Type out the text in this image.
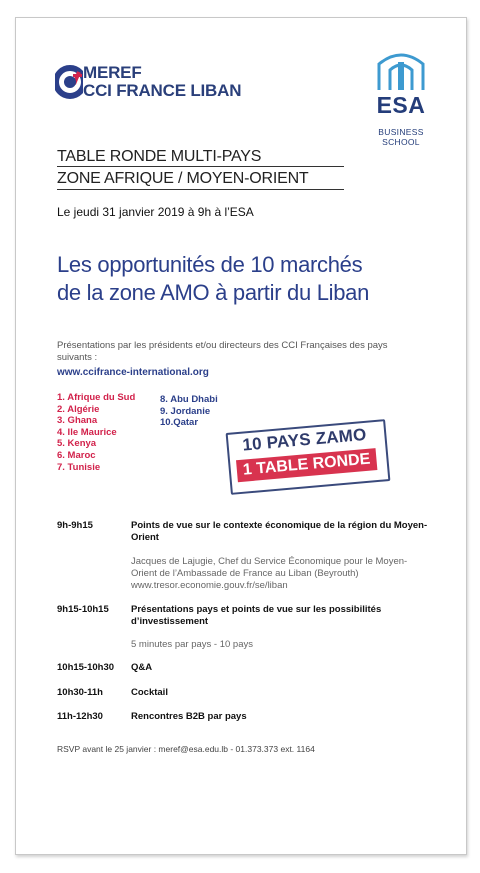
MEREF
CCI FRANCE LIBAN
ESA
BUSINESS
SCHOOL
TABLE RONDE MULTI-PAYS
ZONE AFRIQUE / MOYEN-ORIENT
Le jeudi 31 janvier 2019 à 9h à l’ESA
Les opportunités de 10 marchés
de la zone AMO à partir du Liban
Présentations par les présidents et/ou directeurs des CCI Françaises des pays suivants :
www.ccifrance-international.org
1. Afrique du Sud
2. Algérie
3. Ghana
4. Ile Maurice
5. Kenya
6. Maroc
7. Tunisie
8. Abu Dhabi
9. Jordanie
10.Qatar
10 PAYS ZAMO
1 TABLE RONDE
9h-9h15	Points de vue sur le contexte économique de la région du Moyen-Orient
Jacques de Lajugie, Chef du Service Économique pour le Moyen-Orient de l’Ambassade de France au Liban (Beyrouth) www.tresor.economie.gouv.fr/se/liban
9h15-10h15 Présentations pays et points de vue sur les possibilités d’investissement
5 minutes par pays - 10 pays
10h15-10h30 Q&A
10h30-11h	Cocktail
11h-12h30	Rencontres B2B par pays
RSVP avant le 25 janvier : meref@esa.edu.lb - 01.373.373 ext. 1164
